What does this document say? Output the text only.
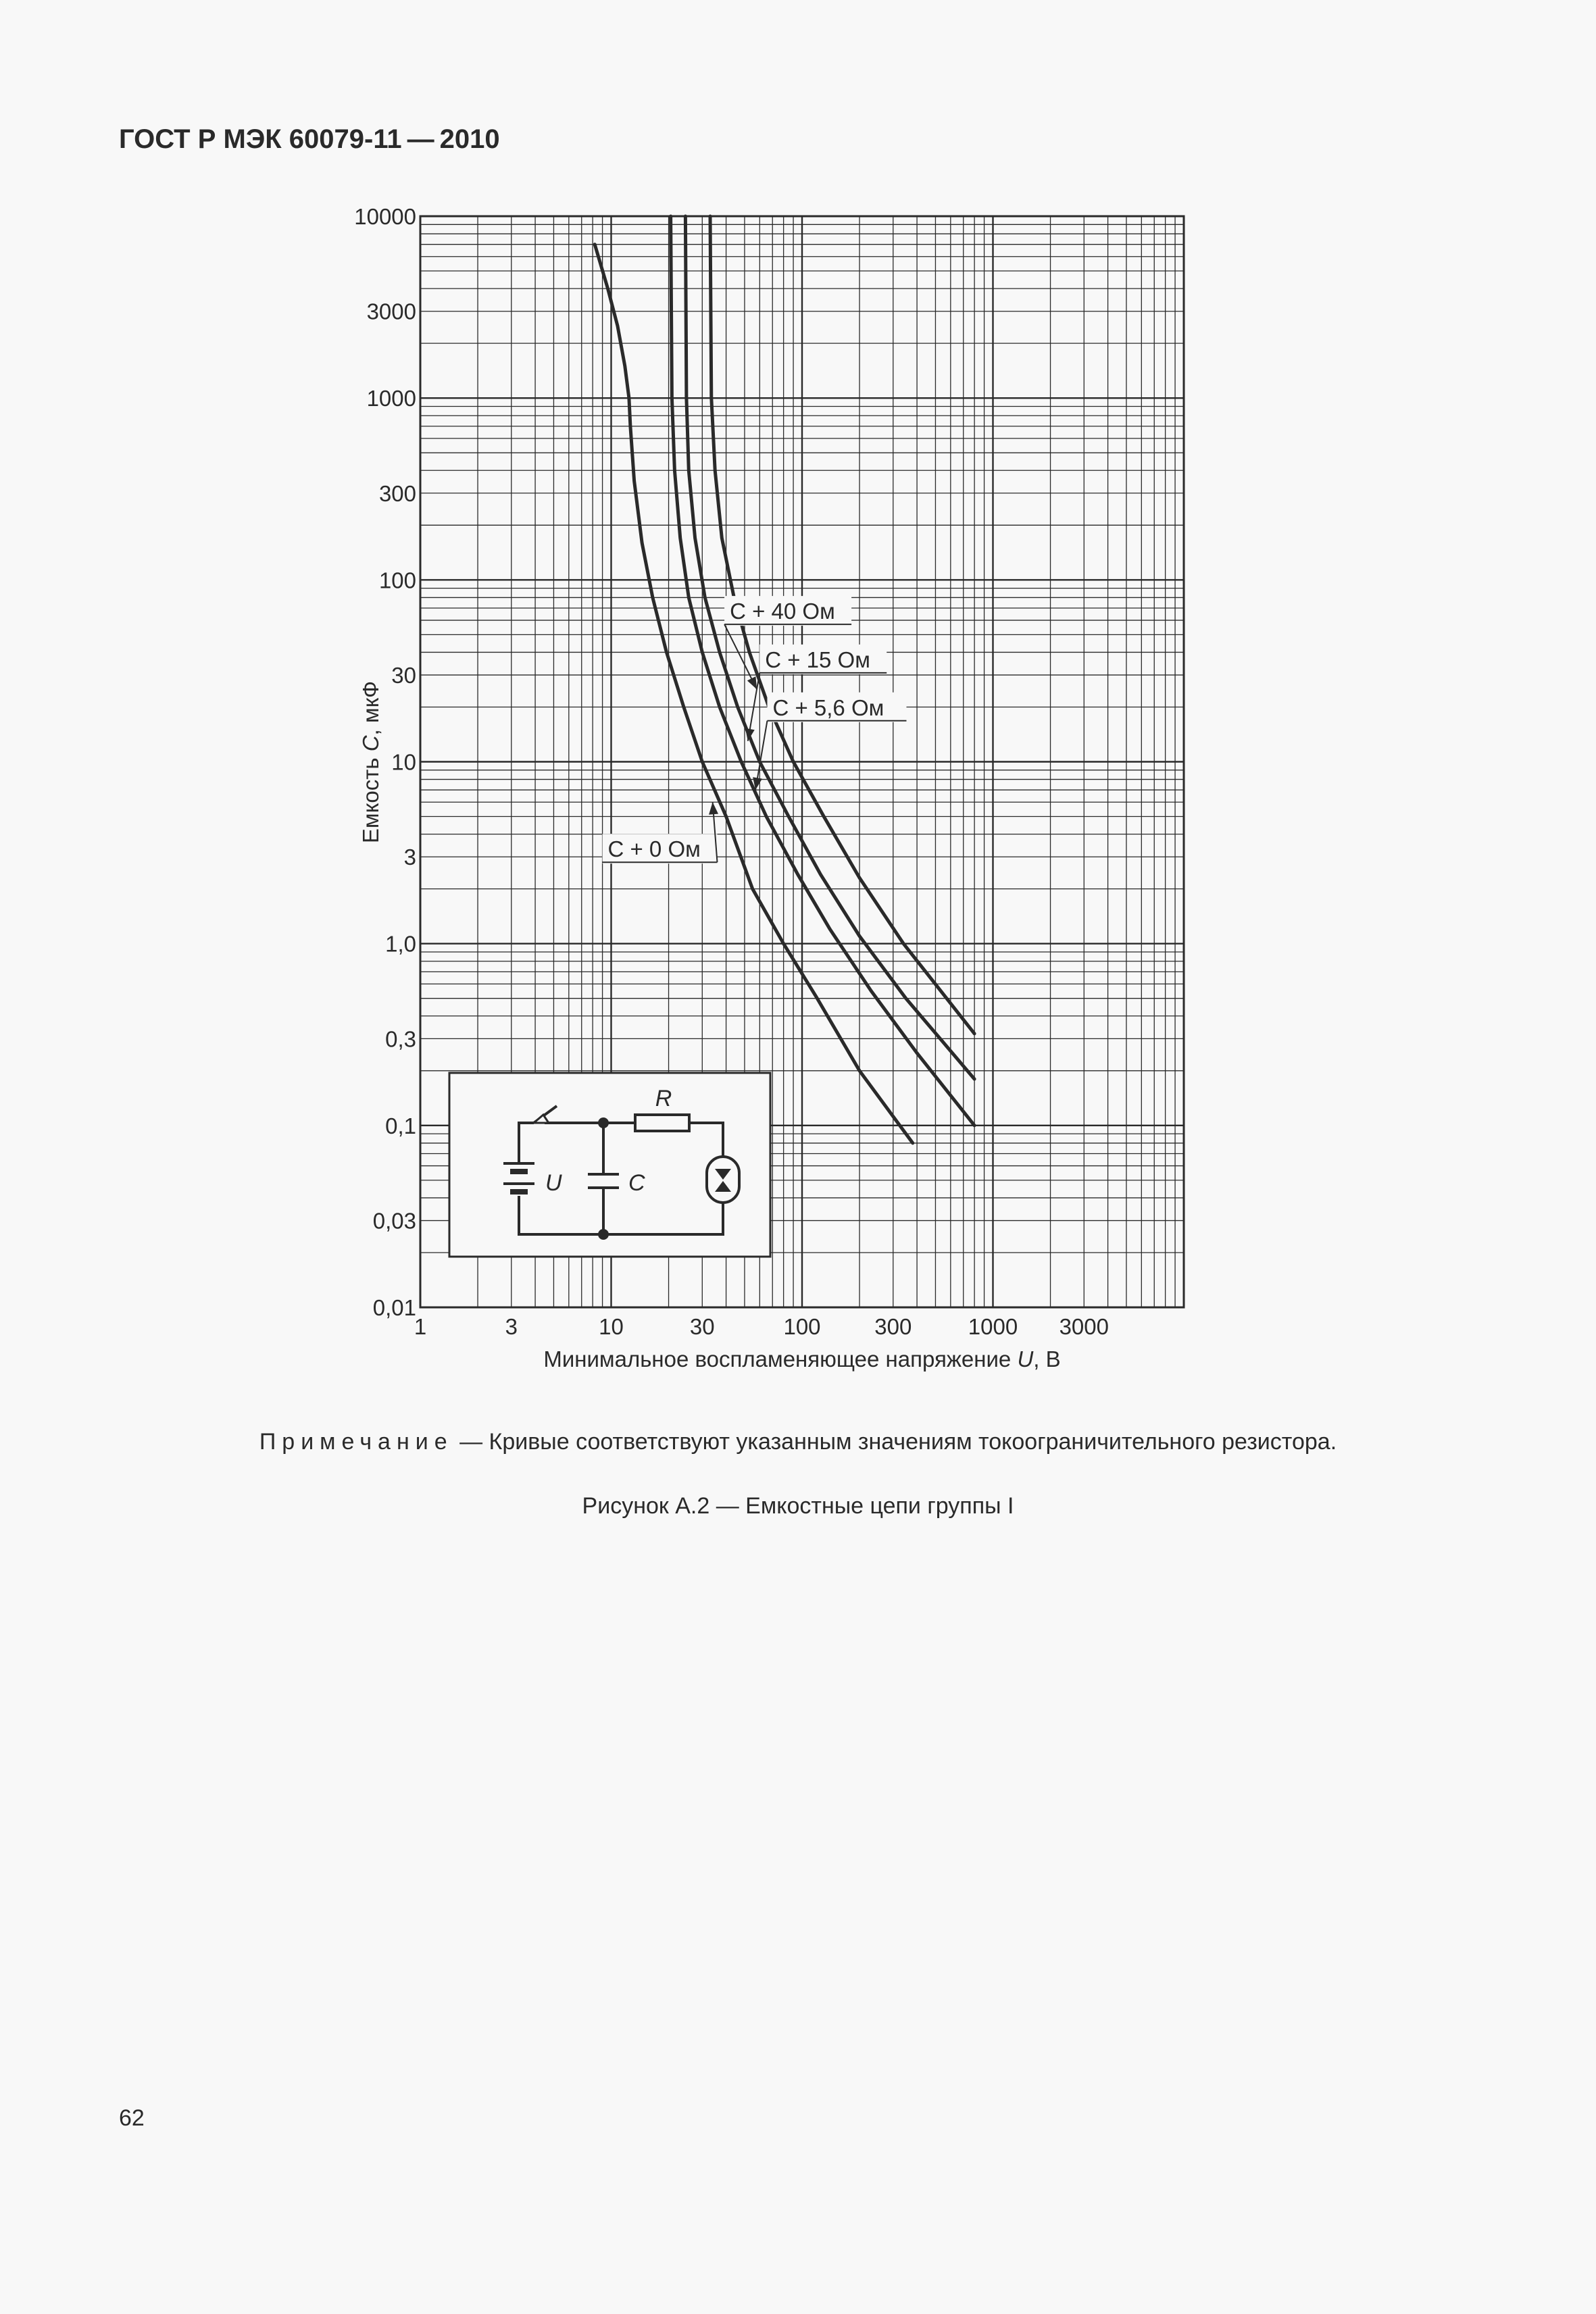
ГОСТ Р МЭК 60079-11 — 2010
1	3	10	30	100 300	1000 3000
10000
3000
1000
300
100
30
10
3
1,0
0,3
0,1
0,03
0,01
C + 0 Ом
C + 5,6 Ом
C + 15 Ом
C + 40 Ом
R
U	C
Минимальное воспламеняющее напряжение U, В
Емкость C, мкФ
Примечание — Кривые соответствуют указанным значениям токоограничительного резистора.
Рисунок А.2 — Емкостные цепи группы I
62
